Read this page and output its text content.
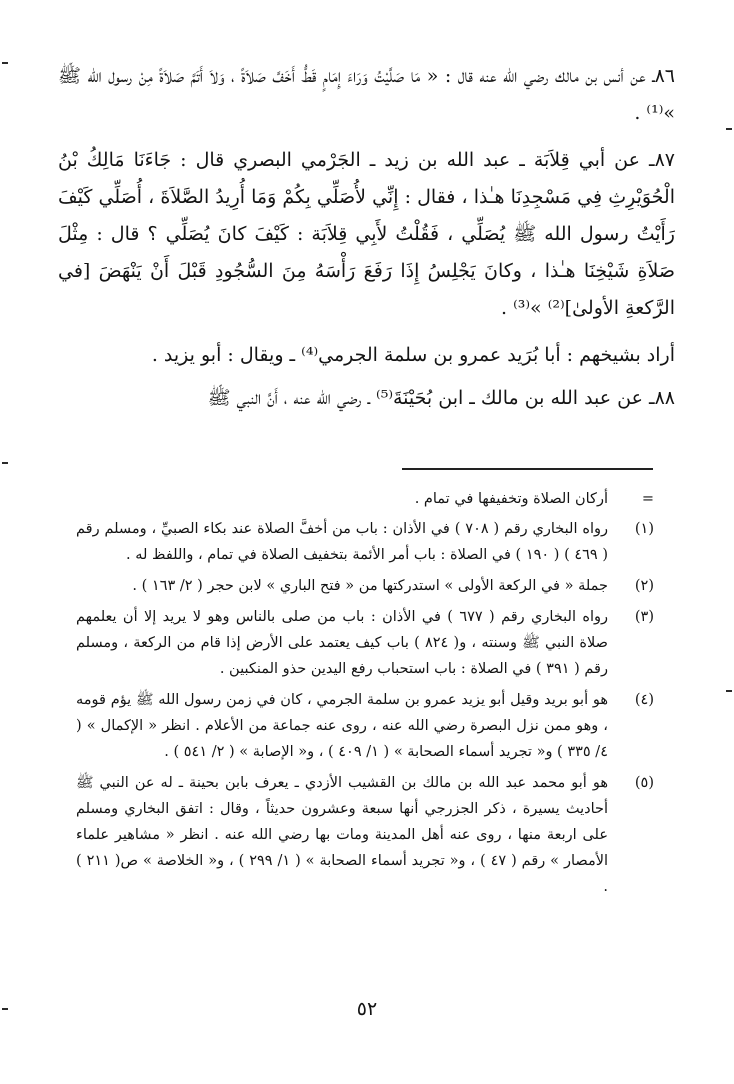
٨٦ـ عن أنس بن مالك رضي الله عنه قال : « مَا صَلَّيْتُ وَرَاءَ إِمَامٍ قَطُّ أَخَفَّ صَلاَةً ، وَلاَ أَتَمَّ صَلاَةً مِنْ رسول الله ﷺ »⁽¹⁾ .

٨٧ـ عن أبي قِلاَبَة ـ عبد الله بن زيد ـ الجَرْمي البصري قال : جَاءَنَا مَالِكُ بْنُ الْحُوَيْرِثِ فِي مَسْجِدِنَا هـٰذا ، فقال : إِنِّي لأُصَلِّي بِكُمْ وَمَا أُرِيدُ الصَّلاَةَ ، أُصَلِّي كَيْفَ رَأَيْتُ رسول الله ﷺ يُصَلِّي ، فَقُلْتُ لأَبِي قِلاَبَة : كَيْفَ كانَ يُصَلِّي ؟ قال : مِثْلَ صَلاَةِ شَيْخِنَا هـٰذا ، وكانَ يَجْلِسُ إِذَا رَفَعَ رَأْسَهُ مِنَ السُّجُودِ قَبْلَ أَنْ يَنْهَضَ [في الرَّكعةِ الأولىٰ]⁽²⁾ »⁽³⁾ .

أراد بشيخهم : أبا بُرَيد عمرو بن سلمة الجرمي⁽⁴⁾ ـ ويقال : أبو يزيد .

٨٨ـ عن عبد الله بن مالك ـ ابن بُحَيْنَةَ⁽⁵⁾ ـ رضي الله عنه ، أَنَّ النبي ﷺ

=
أركان الصلاة وتخفيفها في تمام .
(١)
رواه البخاري رقم ( ٧٠٨ ) في الأذان : باب من أخفَّ الصلاة عند بكاء الصبيِّ ، ومسلم رقم ( ٤٦٩ ) ( ١٩٠ ) في الصلاة : باب أمر الأئمة بتخفيف الصلاة في تمام ، واللفظ له .
(٢)
جملة « في الركعة الأولى » استدركتها من « فتح الباري » لابن حجر ( ٢/ ١٦٣ ) .
(٣)
رواه البخاري رقم ( ٦٧٧ ) في الأذان : باب من صلى بالناس وهو لا يريد إلا أن يعلمهم صلاة النبي ﷺ وسنته ، و( ٨٢٤ ) باب كيف يعتمد على الأرض إذا قام من الركعة ، ومسلم رقم ( ٣٩١ ) في الصلاة : باب استحباب رفع اليدين حذو المنكبين .
(٤)
هو أبو بريد وقيل أبو يزيد عمرو بن سلمة الجرمي ، كان في زمن رسول الله ﷺ يؤم قومه ، وهو ممن نزل البصرة رضي الله عنه ، روى عنه جماعة من الأعلام . انظر « الإكمال » ( ٤/ ٣٣٥ ) و« تجريد أسماء الصحابة » ( ١/ ٤٠٩ ) ، و« الإصابة » ( ٢/ ٥٤١ ) .
(٥)
هو أبو محمد عبد الله بن مالك بن القشيب الأزدي ـ يعرف بابن بحينة ـ له عن النبي ﷺ أحاديث يسيرة ، ذكر الجزرجي أنها سبعة وعشرون حديثاً ، وقال : اتفق البخاري ومسلم على اربعة منها ، روى عنه أهل المدينة ومات بها رضي الله عنه . انظر « مشاهير علماء الأمصار » رقم ( ٤٧ ) ، و« تجريد أسماء الصحابة » ( ١/ ٢٩٩ ) ، و« الخلاصة » ص( ٢١١ ) .
٥٢
